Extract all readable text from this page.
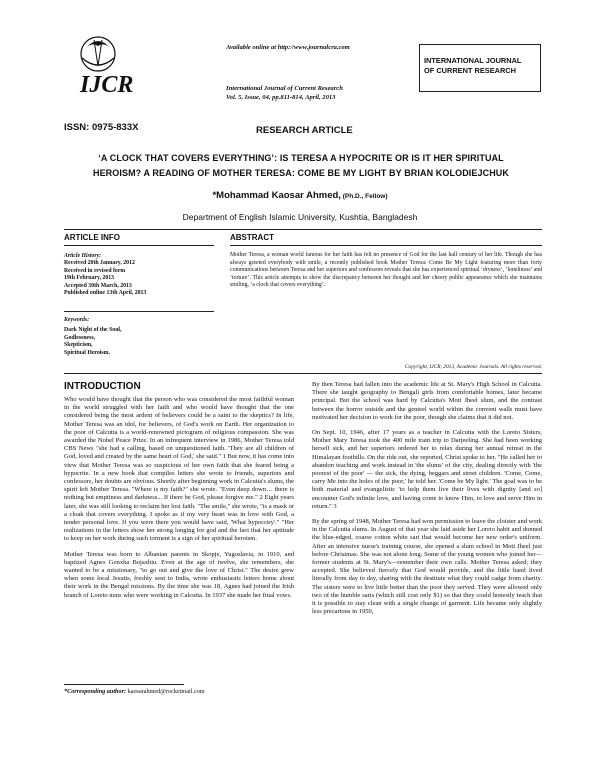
IJCR
Available online at http://www.journalcra.com
International Journal of Current Research
Vol. 5, Issue, 04, pp.811-814, April, 2013
INTERNATIONAL JOURNAL
OF CURRENT RESEARCH
ISSN: 0975-833X	RESEARCH ARTICLE
‘A CLOCK THAT COVERS EVERYTHING’: IS TERESA A HYPOCRITE OR IS IT HER SPIRITUAL
HEROISM? A READING OF MOTHER TERESA: COME BE MY LIGHT BY BRIAN KOLODIEJCHUK
*Mohammad Kaosar Ahmed, (Ph.D., Fellow)
Department of English Islamic University, Kushtia, Bangladesh
ARTICLE INFO	ABSTRACT
Article History:
Received 20th January, 2012
Received in revised form
19th February, 2013
Accepted 30th March, 2013
Published online 13th April, 2013
Keywords:
Dark Night of the Soul,
Godlessness,
Skepticism,
Spiritual Heroism.
Mother Teresa, a woman world famous for her faith has felt no presence of God for the last half century of her life. Though she has always greeted everybody with smile, a recently published book Mother Teresa: Come Be My Light featuring more than forty communications between Teresa and her superiors and confessors reveals that she has experienced spiritual ‘dryness’, ‘loneliness’ and ‘torture’. This article attempts to show the discrepancy between her thought and her cheery public appearance which she maintains smiling, ‘a clock that covers everything’.
Copyright, IJCR, 2013, Academic Journals. All rights reserved.
INTRODUCTION

Who would have thought that the person who was considered the most faithful woman in the world struggled with her faith and who would have thought that the one considered being the most ardent of believers could be a saint to the skeptics? In life, Mother Teresa was an idol, for believers, of God's work on Earth. Her organization to the poor of Calcutta is a world-renowned pictogram of religious compassion. She was awarded the Nobel Peace Prize. In an infrequent interview in 1986, Mother Teresa told CBS News "she had a calling, based on unquestioned faith. 'They are all children of God, loved and created by the same heart of God,' she said." 1 But now, it has come into view that Mother Teresa was so suspicious of her own faith that she feared being a hypocrite. In a new book that compiles letters she wrote to friends, superiors and confessors, her doubts are obvious. Shortly after beginning work in Calcutta's slums, the spirit left Mother Teresa. "Where is my faith?" she wrote. "Even deep down… there is nothing but emptiness and darkness... If there be God, please forgive me." 2 Eight years later, she was still looking to reclaim her lost faith. "The smile," she wrote, "is a mask or a cloak that covers everything. I spoke as if my very heart was in love with God, a tender personal love. If you were there you would have said, 'What hypocrisy'." "Her realizations in the letters show her strong longing for god and the fact that her aptitude to keep on her work during such torment is a sign of her spiritual heroism.

Mother Teresa was born to Albanian parents in Skopje, Yugoslavia, in 1910, and baptized Agnes Gonxha Bojaxhiu. Even at the age of twelve, she remembers, she wanted to be a missionary, "to go out and give the love of Christ." The desire grew when some local Jesuits, freshly sent to India, wrote enthusiastic letters home about their work in the Bengal missions. By the time she was 18, Agnes had joined the Irish branch of Loreto nuns who were working in Calcutta. In 1937 she made her final vows.

By then Teresa had fallen into the academic life at St. Mary's High School in Calcutta. There she taught geography to Bengali girls from comfortable homes, later became principal. But the school was hard by Calcutta's Moti Jheel slum, and the contrast between the horror outside and the genteel world within the convent walls must have motivated her decision to work for the poor, though she claims that it did not.

On Sept. 10, 1946, after 17 years as a teacher in Calcutta with the Loreto Sisters, Mother Mary Teresa took the 400 mile train trip to Darjeeling. She had been working herself sick, and her superiors ordered her to relax during her annual retreat in the Himalayan foothills. On the ride out, she reported, Christ spoke to her. "He called her to abandon teaching and work instead in 'the slums' of the city, dealing directly with 'the poorest of the poor' — the sick, the dying, beggars and street children. 'Come, Come, carry Me into the holes of the poor,' he told her. 'Come be My light.' The goal was to be both material and evangelistic 'to help them live their lives with dignity [and so] encounter God's infinite love, and having come to know Him, to love and serve Him in return." 3

By the spring of 1948, Mother Teresa had won permission to leave the cloister and work in the Calcutta slums. In August of that year she laid aside her Loreto habit and donned the blue-edged, coarse cotton white sari that would become her new order's uniform. After an intensive nurse's training course, she opened a slum school in Moti Jheel just before Christmas. She was not alone long. Some of the young women who joined her—former students at St. Mary's—remember their own calls. Mother Teresa asked; they accepted. She believed fiercely that God would provide, and the little band lived literally from day to day, sharing with the destitute what they could cadge from charity. The sisters were to live little better than the poor they served. They were allowed only two of the humble saris (which still cost only $1) so that they could honestly teach that it is possible to stay clean with a single change of garment. Life became only slightly less precarious in 1950,

*Corresponding author: kaosarahmed@rocketmail.com
